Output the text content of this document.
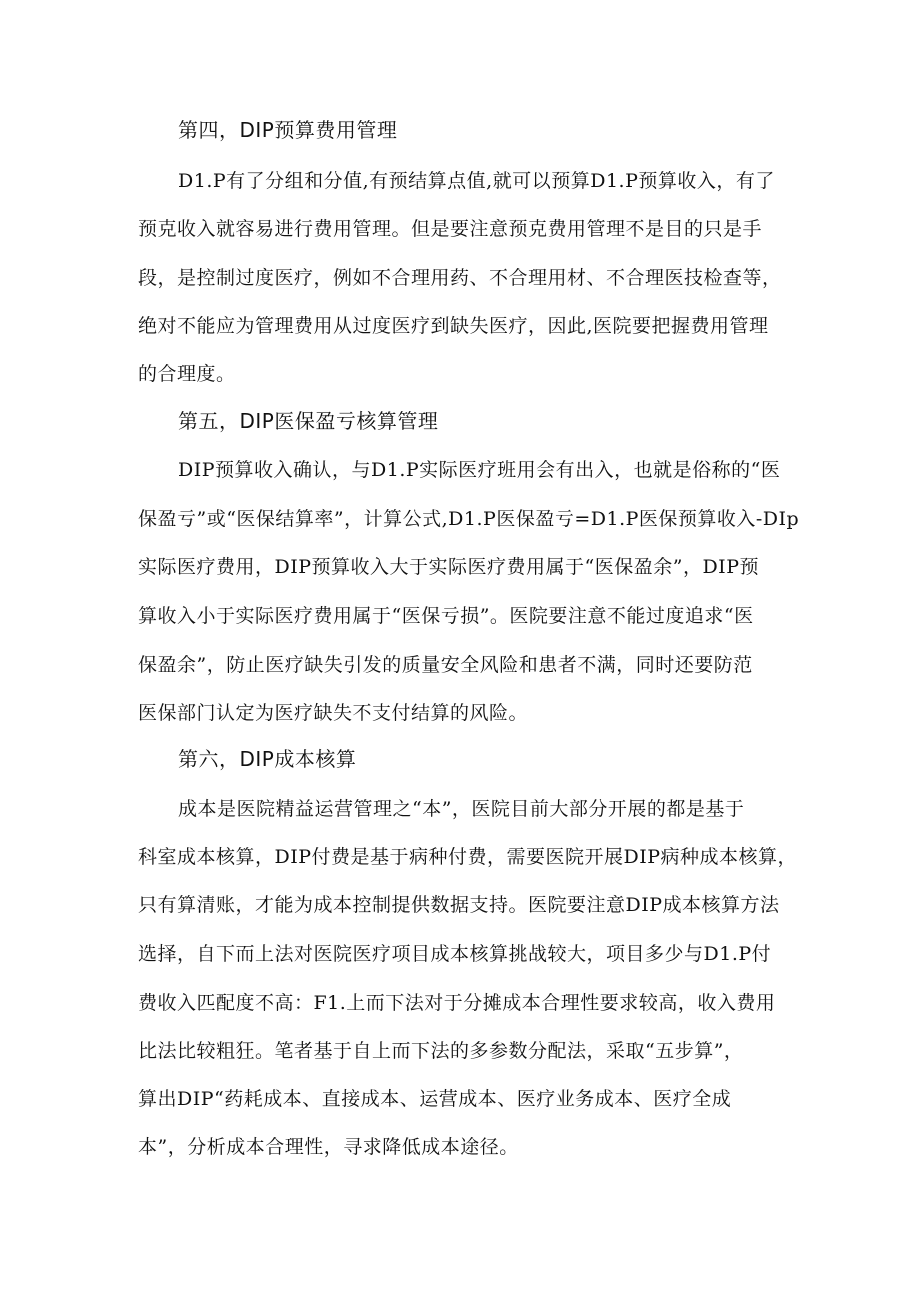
第四，DIP预算费用管理
D1.P有了分组和分值,有预结算点值,就可以预算D1.P预算收入，有了
预克收入就容易进行费用管理。但是要注意预克费用管理不是目的只是手
段，是控制过度医疗，例如不合理用药、不合理用材、不合理医技检查等，
绝对不能应为管理费用从过度医疗到缺失医疗，因此,医院要把握费用管理
的合理度。
第五，DIP医保盈亏核算管理
DIP预算收入确认，与D1.P实际医疗班用会有出入，也就是俗称的“医
保盈亏”或“医保结算率”，计算公式,D1.P医保盈亏=D1.P医保预算收入-DIp
实际医疗费用，DIP预算收入大于实际医疗费用属于“医保盈余”，DIP预
算收入小于实际医疗费用属于“医保亏损”。医院要注意不能过度追求“医
保盈余”，防止医疗缺失引发的质量安全风险和患者不满，同时还要防范
医保部门认定为医疗缺失不支付结算的风险。
第六，DIP成本核算
成本是医院精益运营管理之“本”，医院目前大部分开展的都是基于
科室成本核算，DIP付费是基于病种付费，需要医院开展DIP病种成本核算，
只有算清账，才能为成本控制提供数据支持。医院要注意DIP成本核算方法
选择，自下而上法对医院医疗项目成本核算挑战较大，项目多少与D1.P付
费收入匹配度不高：F1.上而下法对于分摊成本合理性要求较高，收入费用
比法比较粗狂。笔者基于自上而下法的多参数分配法，采取“五步算”，
算出DIP“药耗成本、直接成本、运营成本、医疗业务成本、医疗全成
本”，分析成本合理性，寻求降低成本途径。
